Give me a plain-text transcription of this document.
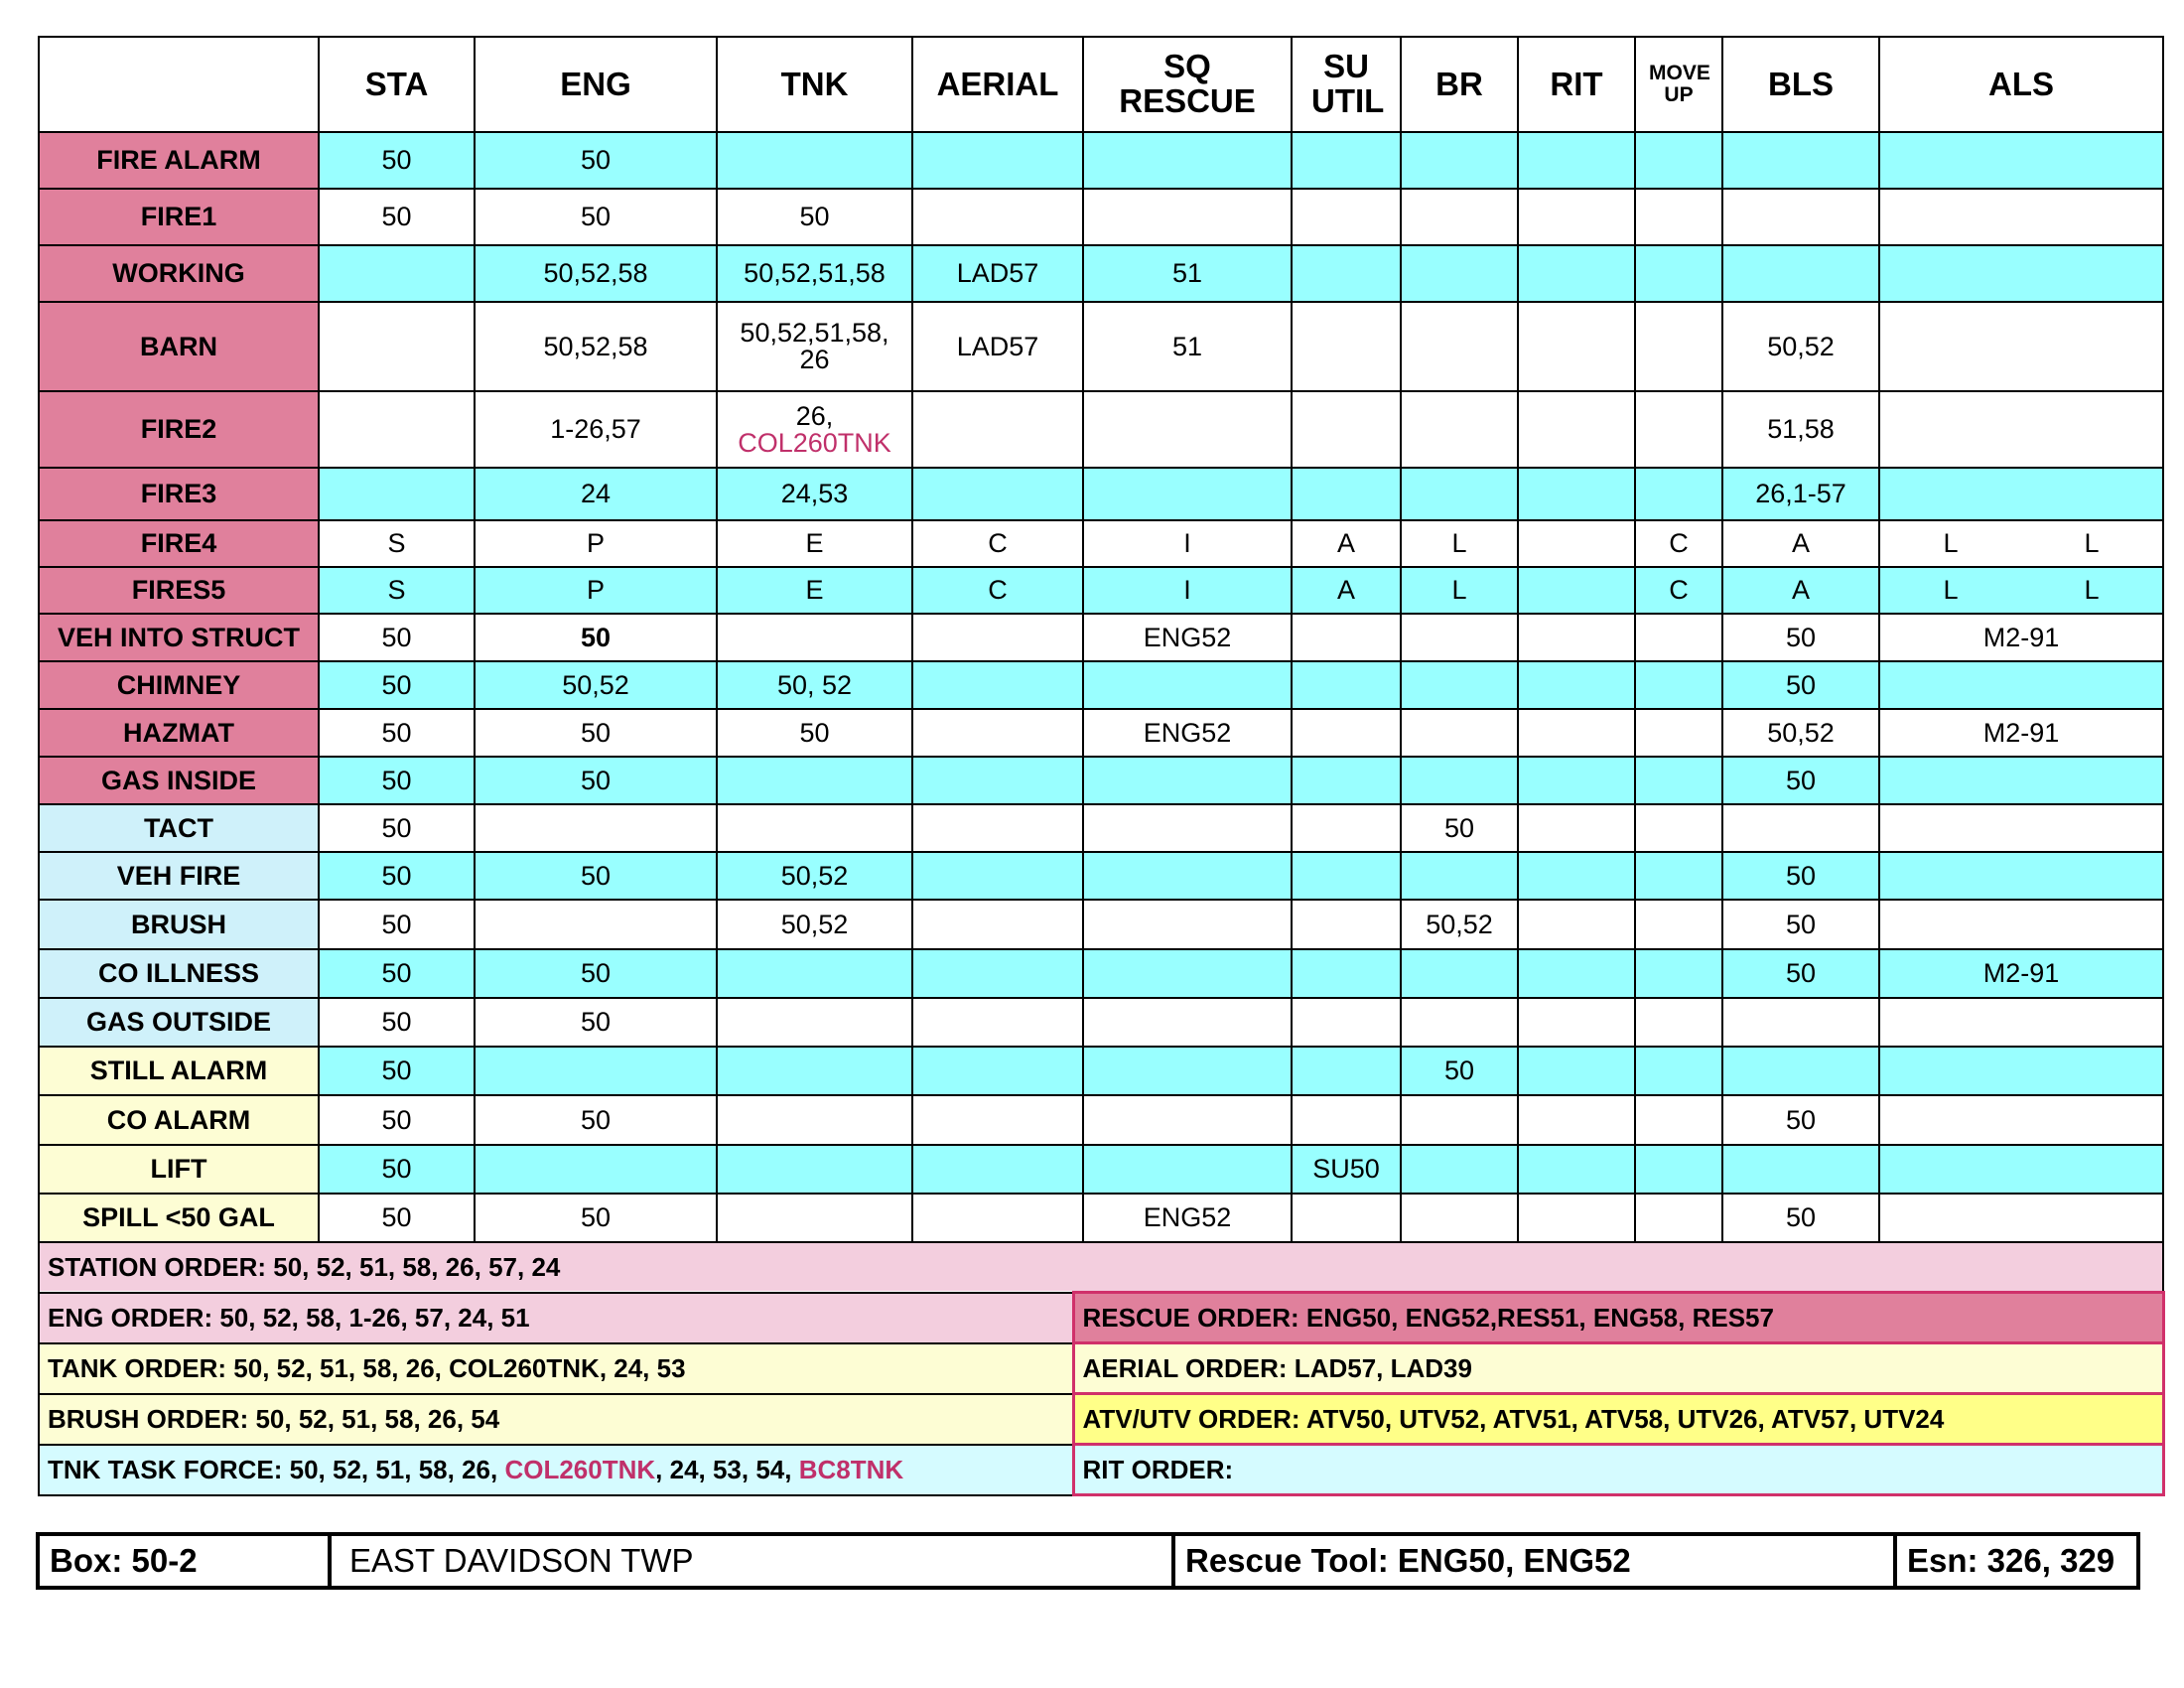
	STA	ENG	TNK	AERIAL	SQ RESCUE	SU UTIL	BR	RIT	MOVE UP	BLS	ALS
FIRE ALARM	50	50									
FIRE1	50	50	50								
WORKING		50,52,58	50,52,51,58	LAD57	51						
BARN		50,52,58	50,52,51,58, 26	LAD57	51					50,52	
FIRE2		1-26,57	26,
COL260TNK							51,58	
FIRE3		24	24,53							26,1-57	
FIRE4	S	P	E	C	I	A	L		C	A	L L

FIRES5	S	P	E	C	I	A	L		C	A	L L

VEH INTO STRUCT	50	50			ENG52					50	M2-91
CHIMNEY	50	50,52	50, 52							50	
HAZMAT	50	50	50		ENG52					50,52	M2-91
GAS INSIDE	50	50								50	
TACT	50						50				
VEH FIRE	50	50	50,52							50	
BRUSH	50		50,52				50,52			50	
CO ILLNESS	50	50								50	M2-91
GAS OUTSIDE	50	50									
STILL ALARM	50						50				
CO ALARM	50	50								50	
LIFT	50					SU50					
SPILL <50 GAL	50	50			ENG52					50	
STATION ORDER: 50, 52, 51, 58, 26, 57, 24	
ENG ORDER: 50, 52, 58, 1-26, 57, 24, 51	RESCUE ORDER: ENG50, ENG52,RES51, ENG58, RES57
TANK ORDER: 50, 52, 51, 58, 26, COL260TNK, 24, 53	AERIAL ORDER: LAD57, LAD39
BRUSH ORDER: 50, 52, 51, 58, 26, 54	ATV/UTV ORDER: ATV50, UTV52, ATV51, ATV58, UTV26, ATV57, UTV24
TNK TASK FORCE: 50, 52, 51, 58, 26, COL260TNK, 24, 53, 54, BC8TNK	RIT ORDER:
Box: 50-2	EAST DAVIDSON TWP	Rescue Tool: ENG50, ENG52	Esn: 326, 329
